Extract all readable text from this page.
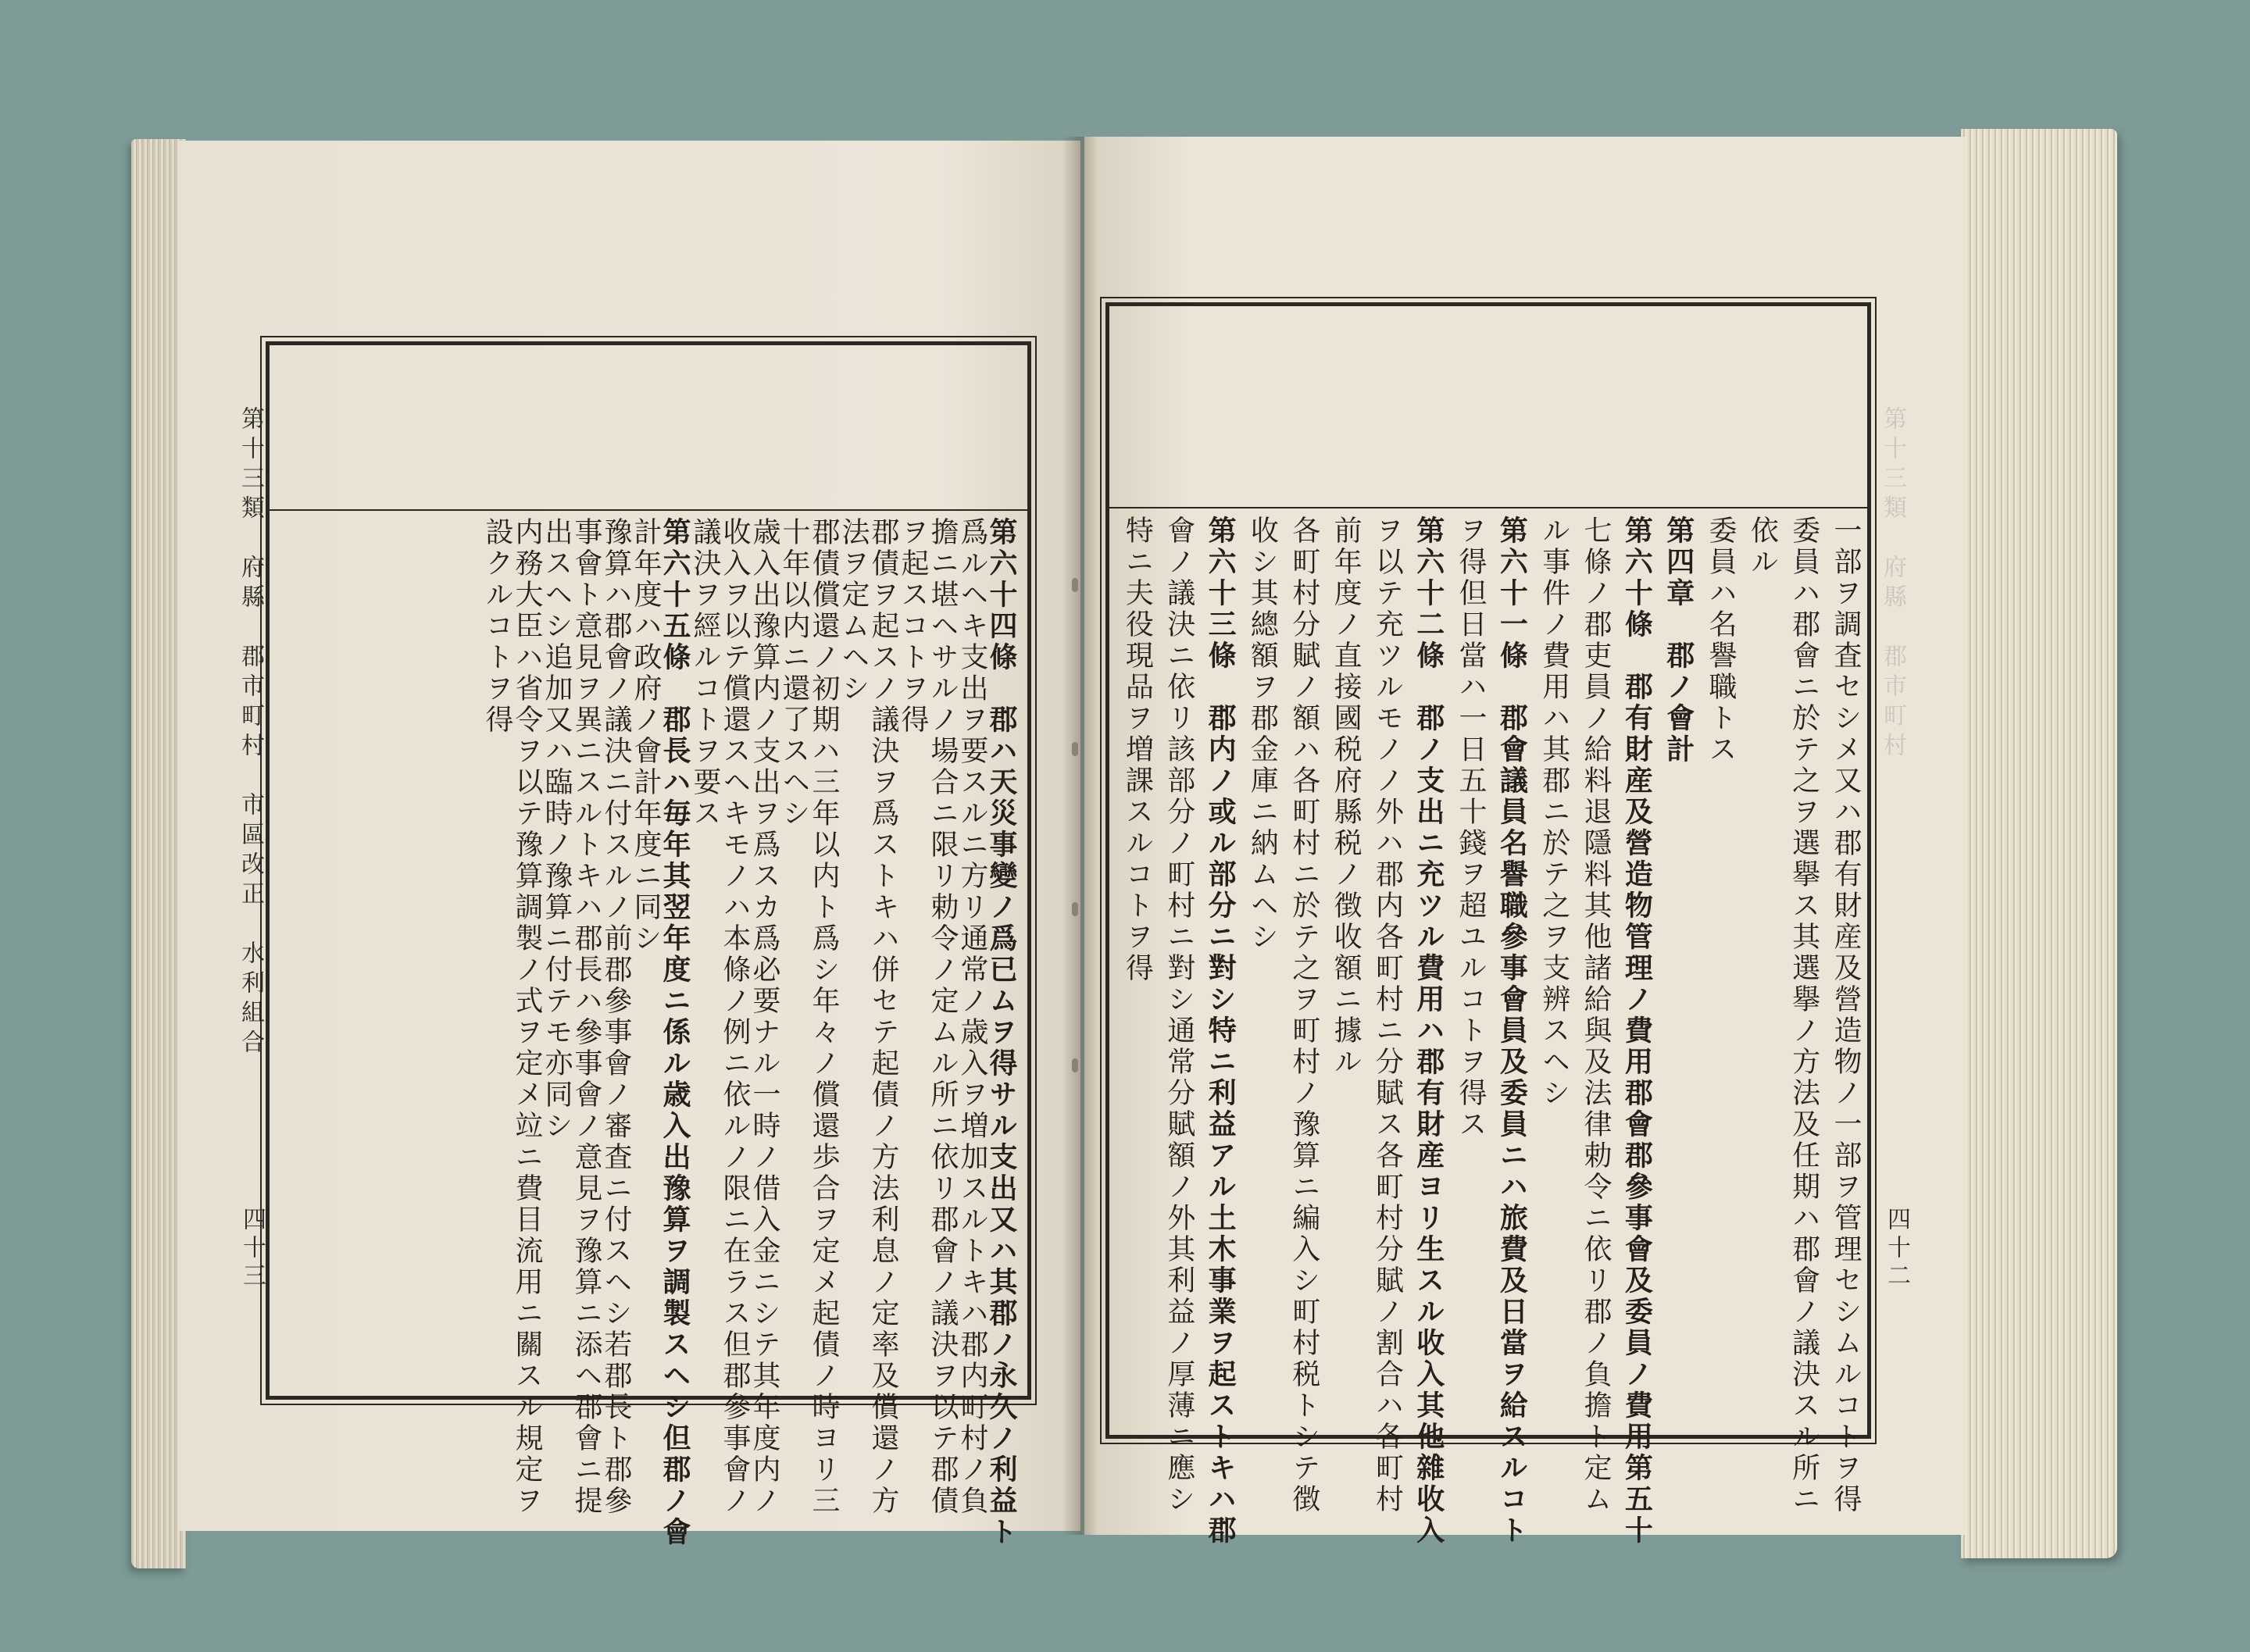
第十三類　府縣　郡市町村　市區改正　水利組合
四十三	第六十四條　郡ハ天災事變ノ爲已ムヲ得サル支出又ハ其郡ノ永久ノ利益ト
爲ルヘキ支出ヲ要スルニ方リ通常ノ歳入ヲ増加スルトキハ郡内町村ノ負
擔ニ堪ヘサルノ場合ニ限リ勅令ノ定ムル所ニ依リ郡會ノ議決ヲ以テ郡債
ヲ起スコトヲ得
郡債ヲ起スノ議決ヲ爲ストキハ併セテ起債ノ方法利息ノ定率及償還ノ方
法ヲ定ムヘシ
郡債償還ノ初期ハ三年以内ト爲シ年々ノ償還歩合ヲ定メ起債ノ時ヨリ三
十年以内ニ還了スヘシ
歳入出豫算内ノ支出ヲ爲スカ爲必要ナル一時ノ借入金ニシテ其年度内ノ
收入ヲ以テ償還スヘキモノハ本條ノ例ニ依ルノ限ニ在ラス但郡參事會ノ
議決ヲ經ルコトヲ要ス
第六十五條　郡長ハ毎年其翌年度ニ係ル歳入出豫算ヲ調製スヘシ但郡ノ會
計年度ハ政府ノ會計年度ニ同シ
豫算ハ郡會ノ議決ニ付スルノ前郡參事會ノ審査ニ付スヘシ若郡長ト郡參
事會ト意見ヲ異ニスルトキハ郡長ハ參事會ノ意見ヲ豫算ニ添ヘ郡會ニ提
出スヘシ追加又ハ臨時ノ豫算ニ付テモ亦同シ
内務大臣ハ省令ヲ以テ豫算調製ノ式ヲ定メ竝ニ費目流用ニ關スル規定ヲ
設クルコトヲ得	第十三類　府縣　郡市町村
四十二
一部ヲ調査セシメ又ハ郡有財産及營造物ノ一部ヲ管理セシムルコトヲ得
委員ハ郡會ニ於テ之ヲ選擧ス其選擧ノ方法及任期ハ郡會ノ議決スル所ニ
依ル
委員ハ名譽職トス
第四章　郡ノ會計
第六十條　郡有財産及營造物管理ノ費用郡會郡參事會及委員ノ費用第五十
七條ノ郡吏員ノ給料退隱料其他諸給與及法律勅令ニ依リ郡ノ負擔ト定ム
ル事件ノ費用ハ其郡ニ於テ之ヲ支辨スヘシ
第六十一條　郡會議員名譽職參事會員及委員ニハ旅費及日當ヲ給スルコト
ヲ得但日當ハ一日五十錢ヲ超ユルコトヲ得ス
第六十二條　郡ノ支出ニ充ツル費用ハ郡有財産ヨリ生スル收入其他雜收入
ヲ以テ充ツルモノノ外ハ郡内各町村ニ分賦ス各町村分賦ノ割合ハ各町村
前年度ノ直接國税府縣税ノ徴收額ニ據ル
各町村分賦ノ額ハ各町村ニ於テ之ヲ町村ノ豫算ニ編入シ町村税トシテ徴
收シ其總額ヲ郡金庫ニ納ムヘシ
第六十三條　郡内ノ或ル部分ニ對シ特ニ利益アル土木事業ヲ起ストキハ郡
會ノ議決ニ依リ該部分ノ町村ニ對シ通常分賦額ノ外其利益ノ厚薄ニ應シ
特ニ夫役現品ヲ増課スルコトヲ得
